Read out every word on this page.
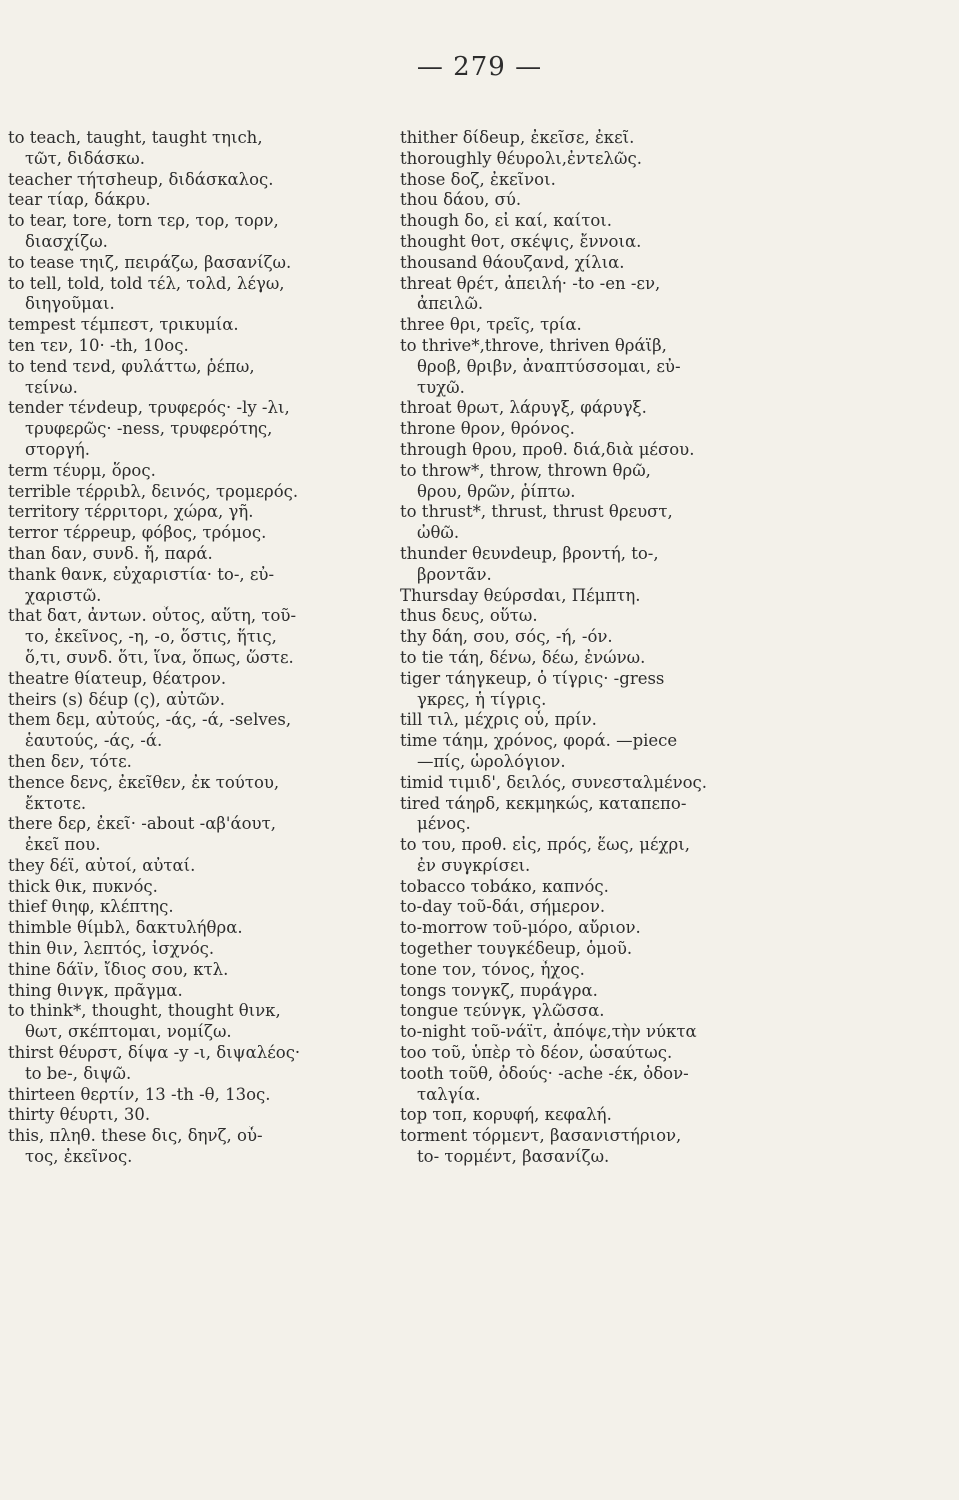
— 279 —
to teach, taught, taught τηιch,
τῶτ, διδάσκω.
teacher τήτσheup, διδάσκαλος.
tear τίαρ, δάκρυ.
to tear, tore, torn τερ, τορ, τορν,
διασχίζω.
to tease τηιζ, πειράζω, βασανίζω.
to tell, told, told τέλ, τολd, λέγω,
διηγοῦμαι.
tempest τέμπεστ, τρικυμία.
ten τεν, 10· -th, 10ος.
to tend τενd, φυλάττω, ῥέπω,
τείνω.
tender τένdeup, τρυφερός· -ly -λι,
τρυφερῶς· -ness, τρυφερότης,
στοργή.
term τέυρμ, ὅρος.
terrible τέρριbλ, δεινός, τρομερός.
territory τέρριτορι, χώρα, γῆ.
terror τέρρeup, φόβος, τρόμος.
than δαν, συνδ. ἤ, παρά.
thank θανκ, εὐχαριστία· to-, εὐ-
χαριστῶ.
that δατ, ἀντων. οὗτος, αὕτη, τοῦ-
το, ἐκεῖνος, -η, -ο, ὅστις, ἥτις,
ὅ,τι, συνδ. ὅτι, ἵνα, ὅπως, ὥστε.
theatre θίατeup, θέατρον.
theirs (s) δέup (ς), αὐτῶν.
them δεμ, αὐτούς, -άς, -ά, -selves,
ἑαυτούς, -άς, -ά.
then δεν, τότε.
thence δενς, ἐκεῖθεν, ἐκ τούτου,
ἔκτοτε.
there δερ, ἐκεῖ· -about -αβ'άουτ,
ἐκεῖ που.
they δέϊ, αὐτοί, αὐταί.
thick θικ, πυκνός.
thief θιηφ, κλέπτης.
thimble θίμbλ, δακτυλήθρα.
thin θιν, λεπτός, ἰσχνός.
thine δάϊν, ἴδιος σου, κτλ.
thing θινγκ, πρᾶγμα.
to think*, thought, thought θινκ,
θωτ, σκέπτομαι, νομίζω.
thirst θέυρστ, δίψα -y -ι, διψαλέος·
to be-, διψῶ.
thirteen θερτίν, 13 -th -θ, 13ος.
thirty θέυρτι, 30.
this, πληθ. these δις, δηνζ, οὗ-
τος, ἐκεῖνος.
thither δίδeup, ἐκεῖσε, ἐκεῖ.
thoroughly θέυρολι,ἐντελῶς.
those δοζ, ἐκεῖνοι.
thou δάου, σύ.
though δο, εἰ καί, καίτοι.
thought θοτ, σκέψις, ἔννοια.
thousand θάουζανd, χίλια.
threat θρέτ, ἀπειλή· -to -en -εν,
ἀπειλῶ.
three θρι, τρεῖς, τρία.
to thrive*,throve, thriven θράϊβ,
θροβ, θριβν, ἀναπτύσσομαι, εὐ-
τυχῶ.
throat θρωτ, λάρυγξ, φάρυγξ.
throne θρον, θρόνος.
through θρου, προθ. διά,διὰ μέσου.
to throw*, throw, thrown θρῶ,
θρου, θρῶν, ῥίπτω.
to thrust*, thrust, thrust θρευστ,
ὠθῶ.
thunder θευνdeup, βροντή, to-,
βροντᾶν.
Thursday θεύρσdαι, Πέμπτη.
thus δευς, οὕτω.
thy δάη, σου, σός, -ή, -όν.
to tie τάη, δένω, δέω, ἐνώνω.
tiger τάηγκeup, ὁ τίγρις· -gress
γκρες, ἡ τίγρις.
till τιλ, μέχρις οὗ, πρίν.
time τάημ, χρόνος, φορά. —piece
—πίς, ὡρολόγιον.
timid τιμιδ', δειλός, συνεσταλμένος.
tired τάηρδ, κεκμηκώς, καταπεπο-
μένος.
to του, προθ. εἰς, πρός, ἕως, μέχρι,
ἐν συγκρίσει.
tobacco τοbάκο, καπνός.
to-day τοῦ-δάι, σήμερον.
to-morrow τοῦ-μόρο, αὔριον.
together τουγκέδeup, ὁμοῦ.
tone τον, τόνος, ἦχος.
tongs τονγκζ, πυράγρα.
tongue τεύνγκ, γλῶσσα.
to-night τοῦ-νάϊτ, ἀπόψε,τὴν νύκτα
too τοῦ, ὑπὲρ τὸ δέον, ὡσαύτως.
tooth τοῦθ, ὀδούς· -ache -έκ, ὀδον-
ταλγία.
top τοπ, κορυφή, κεφαλή.
torment τόρμεντ, βασανιστήριον,
to- τορμέντ, βασανίζω.
